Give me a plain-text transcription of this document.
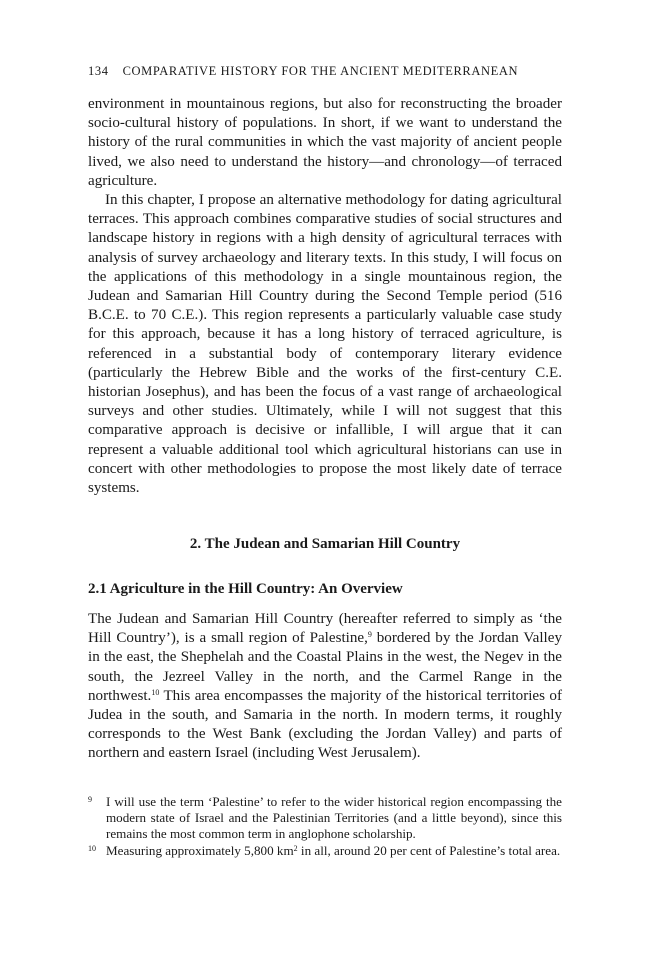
134 COMPARATIVE HISTORY FOR THE ANCIENT MEDITERRANEAN

environment in mountainous regions, but also for reconstructing the broader socio-cultural history of populations. In short, if we want to understand the history of the rural communities in which the vast majority of ancient people lived, we also need to understand the history—and chronology—of terraced agriculture.

In this chapter, I propose an alternative methodology for dating agricultural terraces. This approach combines comparative studies of social structures and landscape history in regions with a high density of agricultural terraces with analysis of survey archaeology and literary texts. In this study, I will focus on the applications of this methodology in a single mountainous region, the Judean and Samarian Hill Country during the Second Temple period (516 B.C.E. to 70 C.E.). This region represents a particularly valuable case study for this approach, because it has a long history of terraced agriculture, is referenced in a substantial body of contemporary literary evidence (particularly the Hebrew Bible and the works of the first-century C.E. historian Josephus), and has been the focus of a vast range of archaeological surveys and other studies. Ultimately, while I will not suggest that this comparative approach is decisive or infallible, I will argue that it can represent a valuable additional tool which agricultural historians can use in concert with other methodologies to propose the most likely date of terrace systems.

2. The Judean and Samarian Hill Country
2.1 Agriculture in the Hill Country: An Overview

The Judean and Samarian Hill Country (hereafter referred to simply as ‘the Hill Country’), is a small region of Palestine,$^9$ bordered by the Jordan Valley in the east, the Shephelah and the Coastal Plains in the west, the Negev in the south, the Jezreel Valley in the north, and the Carmel Range in the northwest.$^{10}$ This area encompasses the majority of the historical territories of Judea in the south, and Samaria in the north. In modern terms, it roughly corresponds to the West Bank (excluding the Jordan Valley) and parts of northern and eastern Israel (including West Jerusalem).

9 I will use the term ‘Palestine’ to refer to the wider historical region encompassing the modern state of Israel and the Palestinian Territories (and a little beyond), since this remains the most common term in anglophone scholarship.
10 Measuring approximately 5,800 $km^2$ in all, around 20 per cent of Palestine’s total area.
